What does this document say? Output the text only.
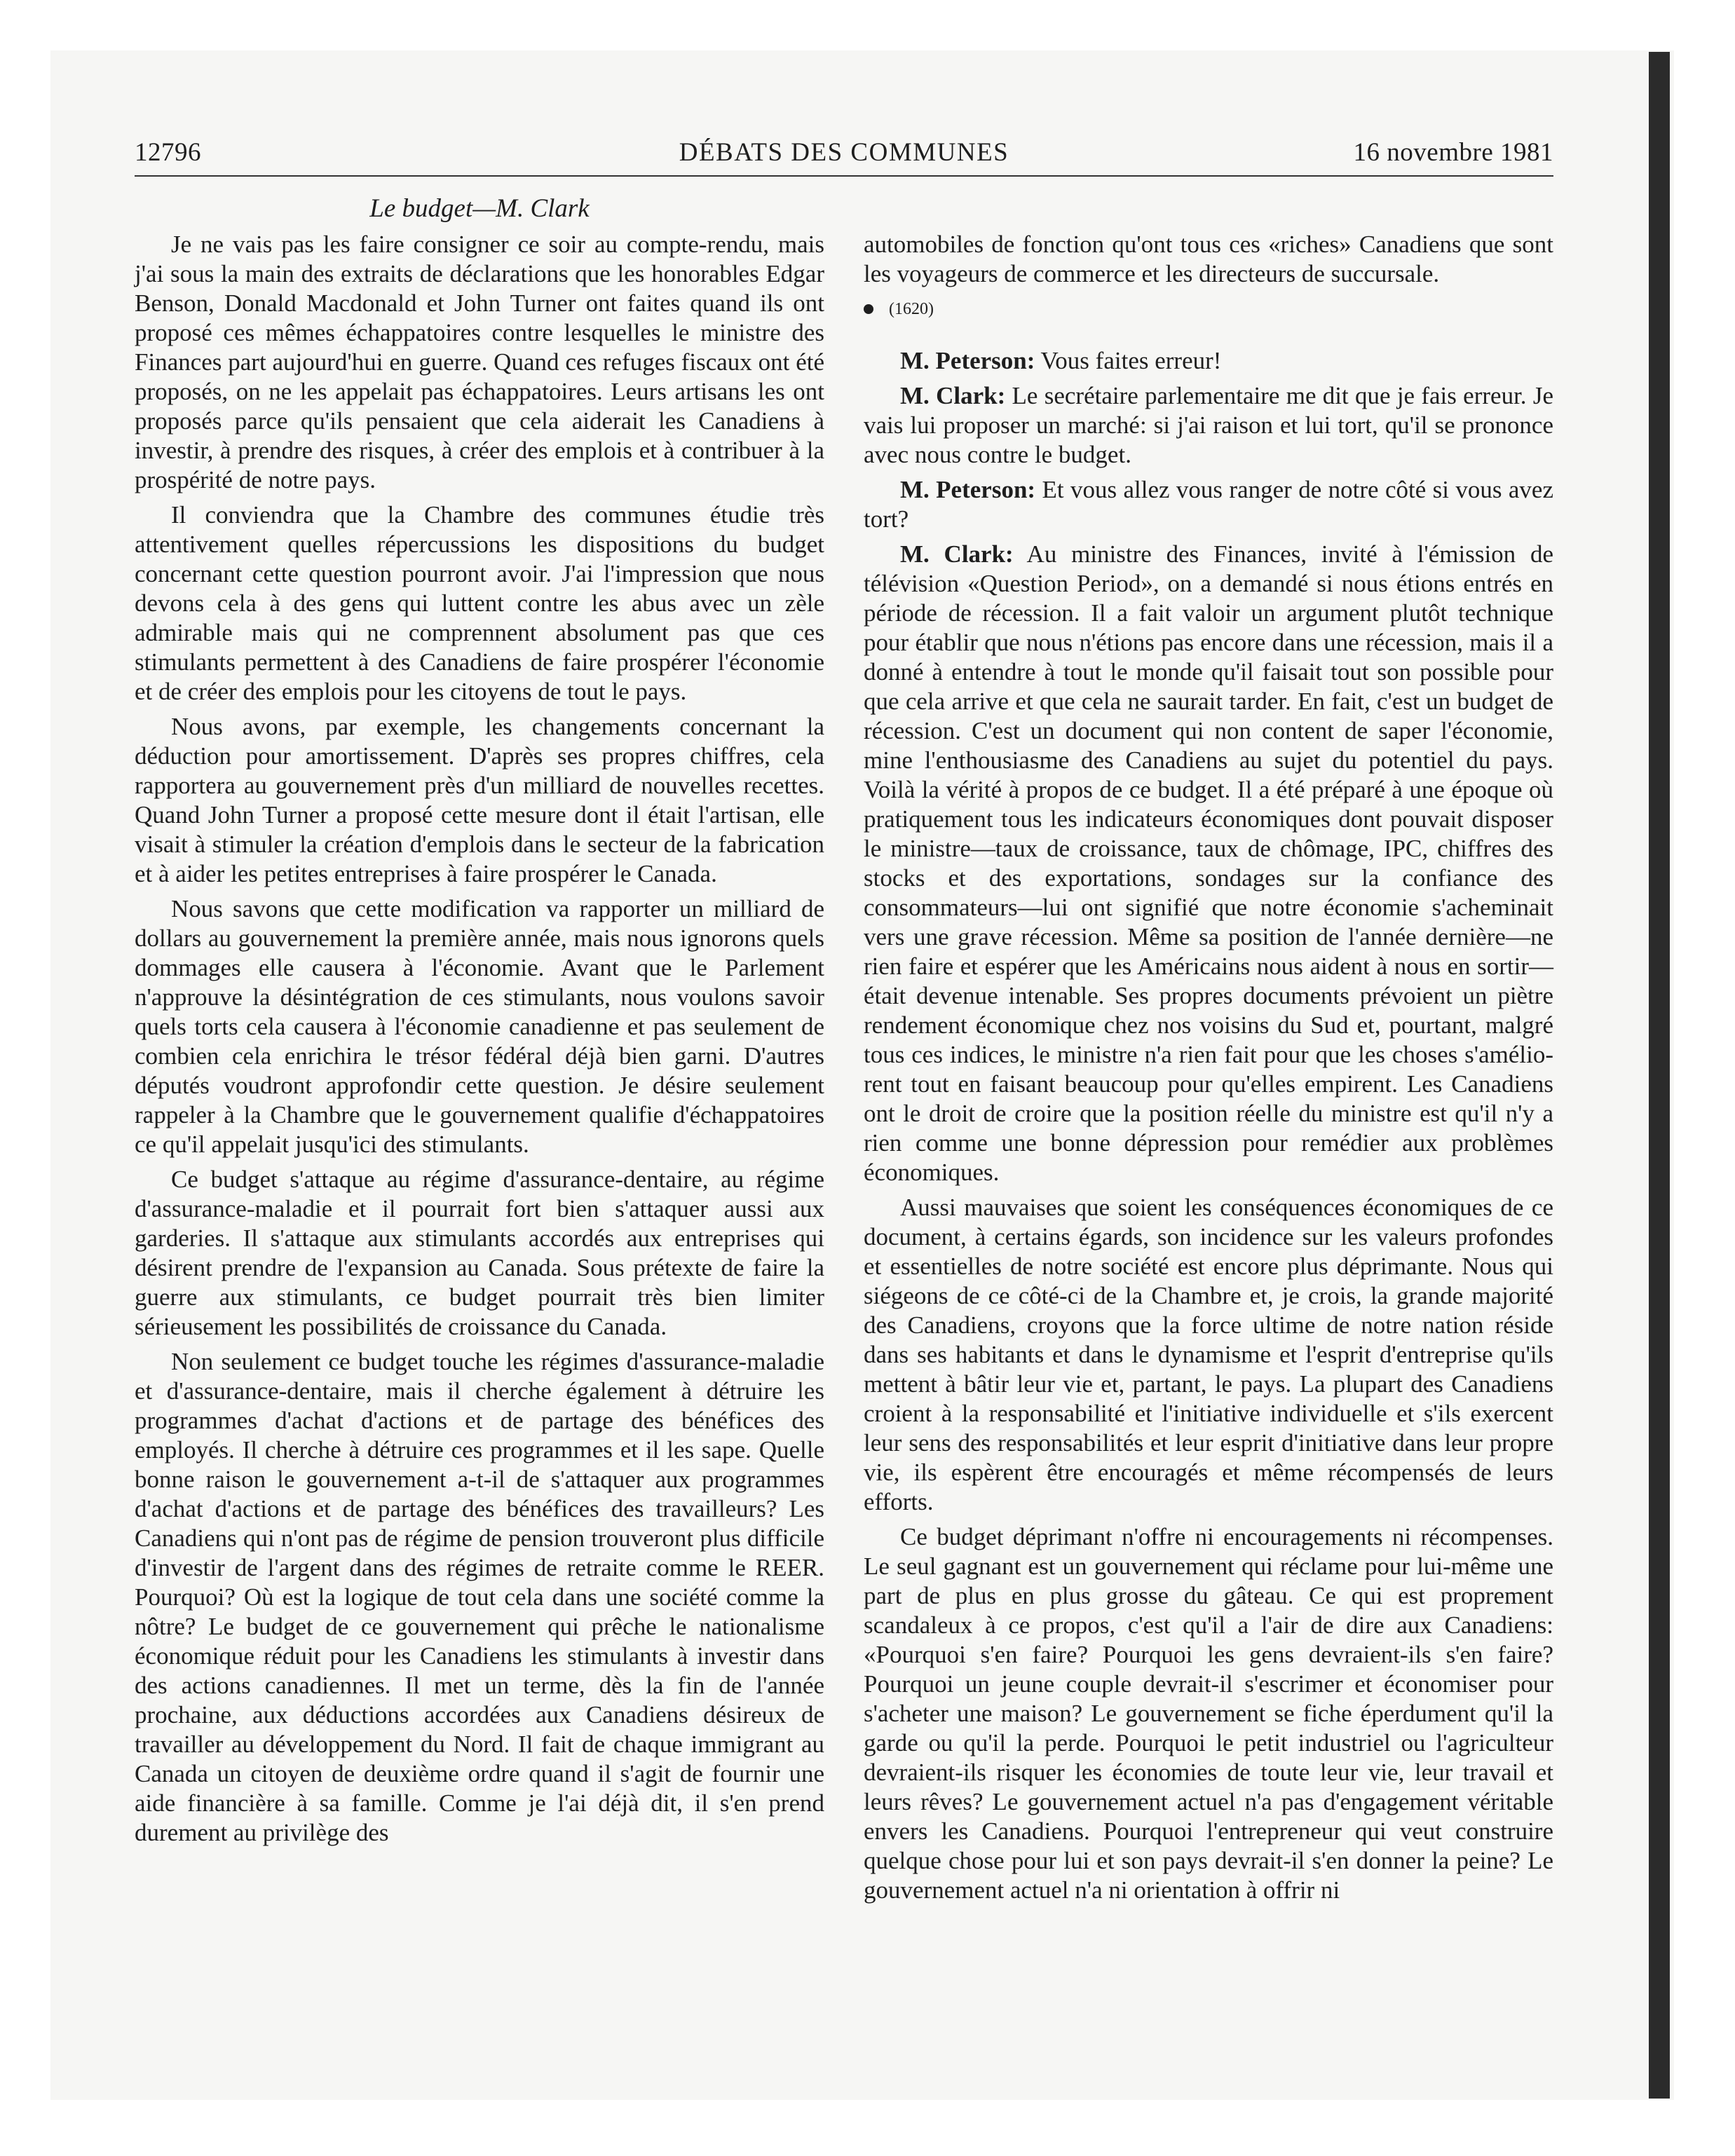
12796	DÉBATS DES COMMUNES	16 novembre 1981
Le budget—M. Clark

Je ne vais pas les faire consigner ce soir au compte-rendu, mais j'ai sous la main des extraits de déclarations que les honorables Edgar Benson, Donald Macdonald et John Turner ont faites quand ils ont proposé ces mêmes échappatoires contre lesquelles le ministre des Finances part aujourd'hui en guerre. Quand ces refuges fiscaux ont été proposés, on ne les appelait pas échappatoires. Leurs artisans les ont proposés parce qu'ils pensaient que cela aiderait les Canadiens à investir, à prendre des risques, à créer des emplois et à contribuer à la prospérité de notre pays.

Il conviendra que la Chambre des communes étudie très attentivement quelles répercussions les dispositions du budget concernant cette question pourront avoir. J'ai l'impression que nous devons cela à des gens qui luttent contre les abus avec un zèle admirable mais qui ne comprennent absolument pas que ces stimulants permettent à des Canadiens de faire prospérer l'économie et de créer des emplois pour les citoyens de tout le pays.

Nous avons, par exemple, les changements concernant la déduction pour amortissement. D'après ses propres chiffres, cela rapportera au gouvernement près d'un milliard de nouvelles recettes. Quand John Turner a proposé cette mesure dont il était l'artisan, elle visait à stimuler la création d'emplois dans le secteur de la fabrication et à aider les petites entreprises à faire prospérer le Canada.

Nous savons que cette modification va rapporter un milliard de dollars au gouvernement la première année, mais nous ignorons quels dommages elle causera à l'économie. Avant que le Parlement n'approuve la désintégration de ces stimulants, nous voulons savoir quels torts cela causera à l'économie canadienne et pas seulement de combien cela enrichira le trésor fédéral déjà bien garni. D'autres députés voudront approfondir cette question. Je désire seulement rappeler à la Chambre que le gouvernement qualifie d'échappatoires ce qu'il appelait jusqu'ici des stimulants.

Ce budget s'attaque au régime d'assurance-dentaire, au régime d'assurance-maladie et il pourrait fort bien s'attaquer aussi aux garderies. Il s'attaque aux stimulants accordés aux entreprises qui désirent prendre de l'expansion au Canada. Sous prétexte de faire la guerre aux stimulants, ce budget pourrait très bien limiter sérieusement les possibilités de croissance du Canada.

Non seulement ce budget touche les régimes d'assurance-maladie et d'assurance-dentaire, mais il cherche également à détruire les programmes d'achat d'actions et de partage des bénéfices des employés. Il cherche à détruire ces programmes et il les sape. Quelle bonne raison le gouvernement a-t-il de s'attaquer aux programmes d'achat d'actions et de partage des bénéfices des travailleurs? Les Canadiens qui n'ont pas de régime de pension trouveront plus difficile d'investir de l'argent dans des régimes de retraite comme le REER. Pourquoi? Où est la logique de tout cela dans une société comme la nôtre? Le budget de ce gouvernement qui prêche le nationalisme économique réduit pour les Canadiens les stimulants à investir dans des actions canadiennes. Il met un terme, dès la fin de l'année prochaine, aux déductions accordées aux Canadiens désireux de travailler au développement du Nord. Il fait de chaque immigrant au Canada un citoyen de deuxième ordre quand il s'agit de fournir une aide financière à sa famille. Comme je l'ai déjà dit, il s'en prend durement au privilège des

automobiles de fonction qu'ont tous ces «riches» Canadiens que sont les voyageurs de commerce et les directeurs de succursale.

(1620)

M. Peterson: Vous faites erreur!

M. Clark: Le secrétaire parlementaire me dit que je fais erreur. Je vais lui proposer un marché: si j'ai raison et lui tort, qu'il se prononce avec nous contre le budget.

M. Peterson: Et vous allez vous ranger de notre côté si vous avez tort?

M. Clark: Au ministre des Finances, invité à l'émission de télévision «Question Period», on a demandé si nous étions entrés en période de récession. Il a fait valoir un argument plutôt technique pour établir que nous n'étions pas encore dans une récession, mais il a donné à entendre à tout le monde qu'il faisait tout son possible pour que cela arrive et que cela ne saurait tarder. En fait, c'est un budget de récession. C'est un document qui non content de saper l'économie, mine l'enthousiasme des Canadiens au sujet du potentiel du pays. Voilà la vérité à propos de ce budget. Il a été préparé à une époque où pratiquement tous les indicateurs économiques dont pouvait disposer le ministre—taux de croissance, taux de chômage, IPC, chiffres des stocks et des exportations, sondages sur la confiance des consommateurs—lui ont signifié que notre économie s'acheminait vers une grave récession. Même sa position de l'année dernière—ne rien faire et espérer que les Américains nous aident à nous en sortir—était devenue intenable. Ses propres documents prévoient un piètre rendement économique chez nos voisins du Sud et, pourtant, malgré tous ces indices, le ministre n'a rien fait pour que les choses s'améliorent tout en faisant beaucoup pour qu'elles empirent. Les Canadiens ont le droit de croire que la position réelle du ministre est qu'il n'y a rien comme une bonne dépression pour remédier aux problèmes économiques.

Aussi mauvaises que soient les conséquences économiques de ce document, à certains égards, son incidence sur les valeurs profondes et essentielles de notre société est encore plus déprimante. Nous qui siégeons de ce côté-ci de la Chambre et, je crois, la grande majorité des Canadiens, croyons que la force ultime de notre nation réside dans ses habitants et dans le dynamisme et l'esprit d'entreprise qu'ils mettent à bâtir leur vie et, partant, le pays. La plupart des Canadiens croient à la responsabilité et l'initiative individuelle et s'ils exercent leur sens des responsabilités et leur esprit d'initiative dans leur propre vie, ils espèrent être encouragés et même récompensés de leurs efforts.

Ce budget déprimant n'offre ni encouragements ni récompenses. Le seul gagnant est un gouvernement qui réclame pour lui-même une part de plus en plus grosse du gâteau. Ce qui est proprement scandaleux à ce propos, c'est qu'il a l'air de dire aux Canadiens: «Pourquoi s'en faire? Pourquoi les gens devraient-ils s'en faire? Pourquoi un jeune couple devrait-il s'escrimer et économiser pour s'acheter une maison? Le gouvernement se fiche éperdument qu'il la garde ou qu'il la perde. Pourquoi le petit industriel ou l'agriculteur devraient-ils risquer les économies de toute leur vie, leur travail et leurs rêves? Le gouvernement actuel n'a pas d'engagement véritable envers les Canadiens. Pourquoi l'entrepreneur qui veut construire quelque chose pour lui et son pays devrait-il s'en donner la peine? Le gouvernement actuel n'a ni orientation à offrir ni
